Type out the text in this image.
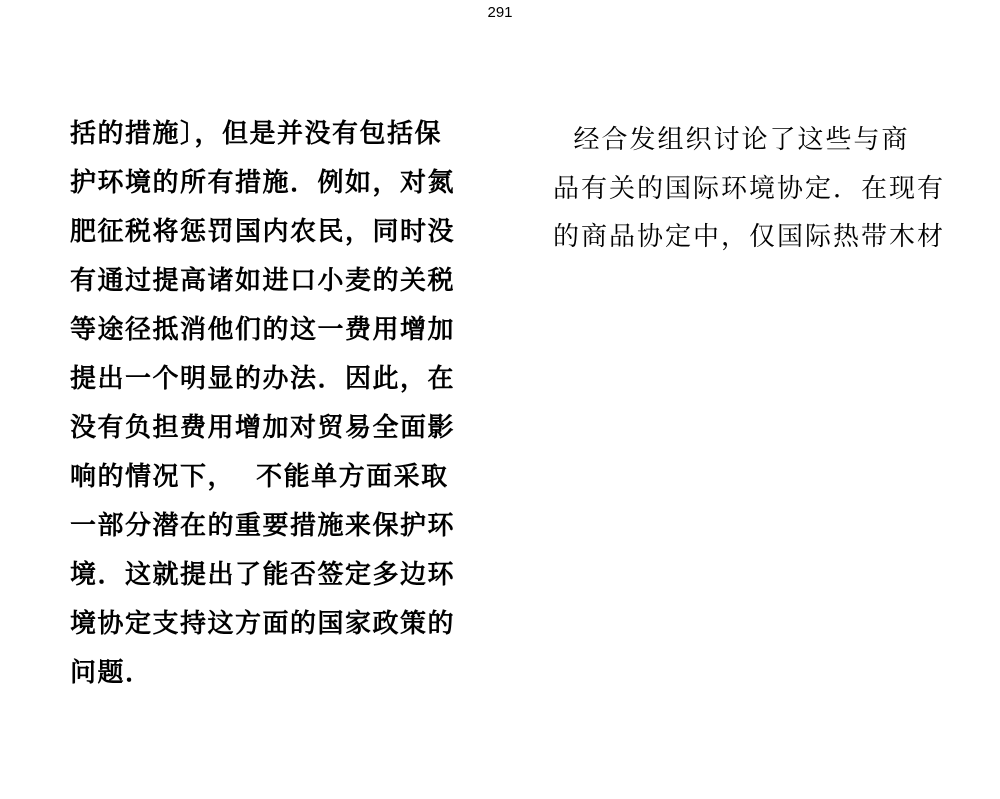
291
括的措施〕，但是并没有包括保
护环境的所有措施．例如，对氮
肥征税将惩罚国内农民，同时没
有通过提高诸如进口小麦的关税
等途径抵消他们的这一费用增加
提出一个明显的办法．因此，在
没有负担费用增加对贸易全面影
响的情况下，  不能单方面采取
一部分潜在的重要措施来保护环
境．这就提出了能否签定多边环
境协定支持这方面的国家政策的
问题．
经合发组织讨论了这些与商
品有关的国际环境协定．在现有
的商品协定中，仅国际热带木材
